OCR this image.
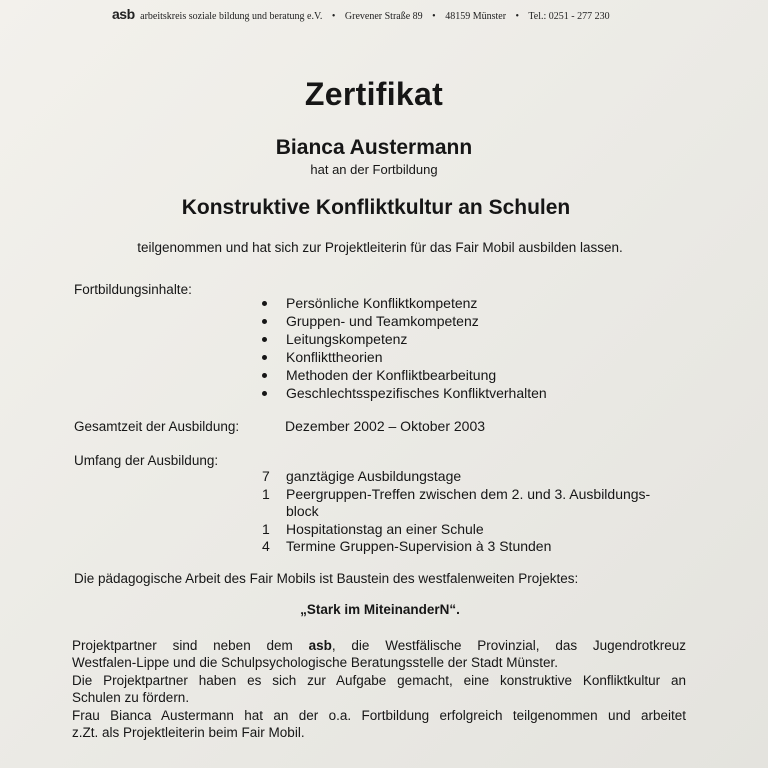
asb arbeitskreis soziale bildung und beratung e.V. • Grevener Straße 89 • 48159 Münster • Tel.: 0251 - 277 230
Zertifikat
Bianca Austermann
hat an der Fortbildung
Konstruktive Konfliktkultur an Schulen
teilgenommen und hat sich zur Projektleiterin für das Fair Mobil ausbilden lassen.
Fortbildungsinhalte:
Persönliche Konfliktkompetenz
Gruppen- und Teamkompetenz
Leitungskompetenz
Konflikttheorien
Methoden der Konfliktbearbeitung
Geschlechtsspezifisches Konfliktverhalten
Gesamtzeit der Ausbildung:	Dezember 2002 – Oktober 2003
Umfang der Ausbildung:
7	ganztägige Ausbildungstage
1	Peergruppen-Treffen zwischen dem 2. und 3. Ausbildungs-
block
1	Hospitationstag an einer Schule
4	Termine Gruppen-Supervision à 3 Stunden
Die pädagogische Arbeit des Fair Mobils ist Baustein des westfalenweiten Projektes:
„Stark im MiteinanderN“.
Projektpartner sind neben dem asb, die Westfälische Provinzial, das Jugendrotkreuz
Westfalen-Lippe und die Schulpsychologische Beratungsstelle der Stadt Münster.
Die Projektpartner haben es sich zur Aufgabe gemacht, eine konstruktive Konfliktkultur an
Schulen zu fördern.
Frau Bianca Austermann hat an der o.a. Fortbildung erfolgreich teilgenommen und arbeitet
z.Zt. als Projektleiterin beim Fair Mobil.
